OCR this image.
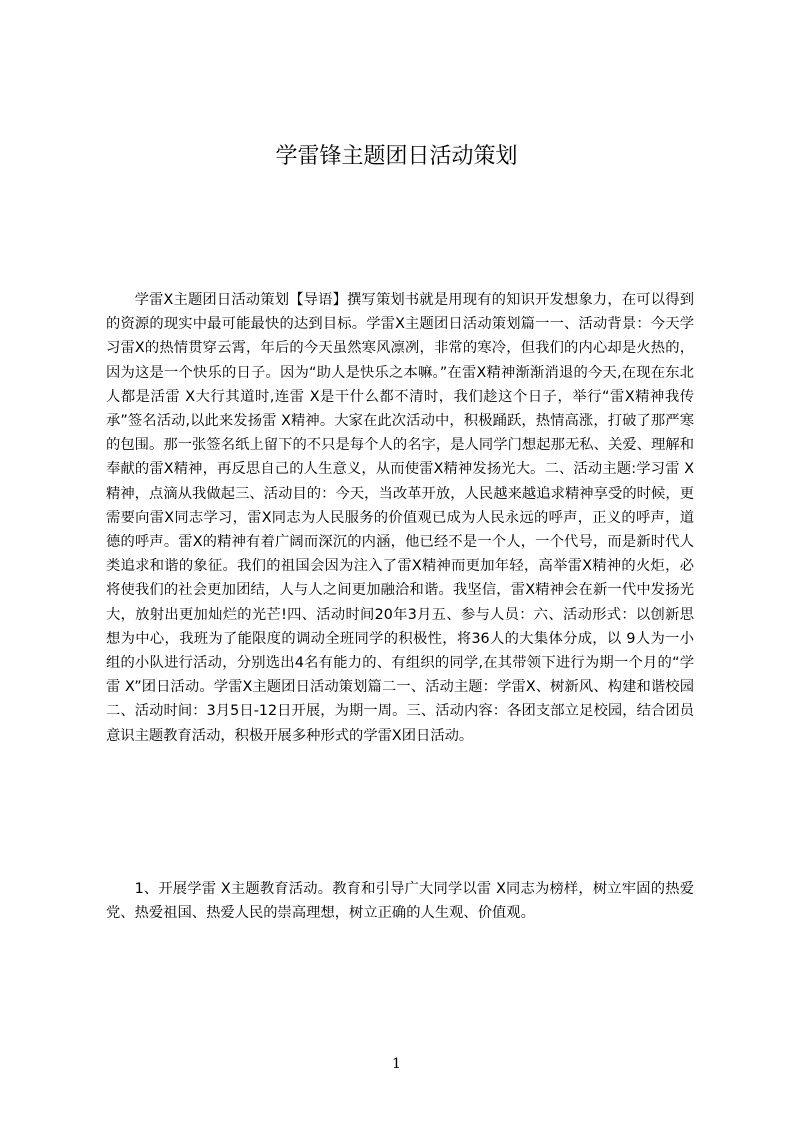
学雷锋主题团日活动策划

学雷X主题团日活动策划【导语】撰写策划书就是用现有的知识开发想象力，在可以得到的资源的现实中最可能最快的达到目标。学雷X主题团日活动策划篇一一、活动背景：今天学习雷X的热情贯穿云霄，年后的今天虽然寒风凛冽，非常的寒冷，但我们的内心却是火热的，因为这是一个快乐的日子。因为“助人是快乐之本嘛。”在雷X精神渐渐消退的今天,在现在东北人都是活雷 X大行其道时,连雷 X是干什么都不清时，我们趁这个日子，举行“雷X精神我传承”签名活动,以此来发扬雷 X精神。大家在此次活动中，积极踊跃，热情高涨，打破了那严寒的包围。那一张签名纸上留下的不只是每个人的名字，是人同学门想起那无私、关爱、理解和奉献的雷X精神，再反思自己的人生意义，从而使雷X精神发扬光大。二、活动主题:学习雷 X精神，点滴从我做起三、活动目的：今天，当改革开放，人民越来越追求精神享受的时候，更需要向雷X同志学习，雷X同志为人民服务的价值观已成为人民永远的呼声，正义的呼声，道德的呼声。雷X的精神有着广阔而深沉的内涵，他已经不是一个人，一个代号，而是新时代人类追求和谐的象征。我们的祖国会因为注入了雷X精神而更加年轻，高举雷X精神的火炬，必将使我们的社会更加团结，人与人之间更加融洽和谐。我坚信，雷X精神会在新一代中发扬光大，放射出更加灿烂的光芒!四、活动时间20年3月五、参与人员：六、活动形式：以创新思想为中心，我班为了能限度的调动全班同学的积极性，将36人的大集体分成，以 9人为一小组的小队进行活动，分别选出4名有能力的、有组织的同学,在其带领下进行为期一个月的“学雷 X”团日活动。学雷X主题团日活动策划篇二一、活动主题：学雷X、树新风、构建和谐校园二、活动时间：3月5日-12日开展，为期一周。三、活动内容：各团支部立足校园，结合团员意识主题教育活动，积极开展多种形式的学雷X团日活动。

1、开展学雷 X主题教育活动。教育和引导广大同学以雷 X同志为榜样，树立牢固的热爱党、热爱祖国、热爱人民的崇高理想，树立正确的人生观、价值观。

1
